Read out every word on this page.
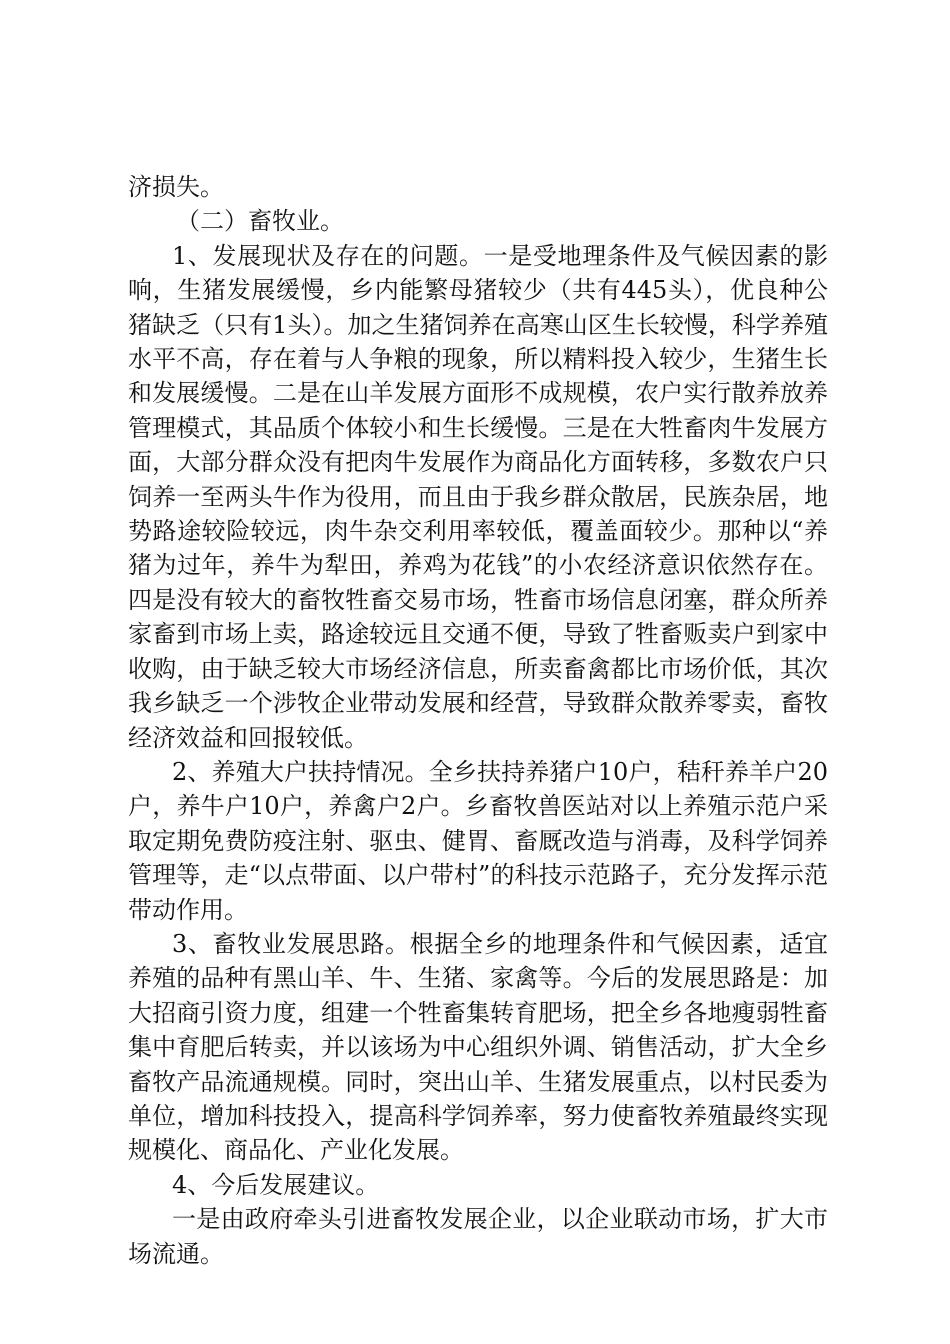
济损失。

（二）畜牧业。

1、发展现状及存在的问题。一是受地理条件及气候因素的影响，生猪发展缓慢，乡内能繁母猪较少（共有445头），优良种公猪缺乏（只有1头）。加之生猪饲养在高寒山区生长较慢，科学养殖水平不高，存在着与人争粮的现象，所以精料投入较少，生猪生长和发展缓慢。二是在山羊发展方面形不成规模，农户实行散养放养管理模式，其品质个体较小和生长缓慢。三是在大牲畜肉牛发展方面，大部分群众没有把肉牛发展作为商品化方面转移，多数农户只饲养一至两头牛作为役用，而且由于我乡群众散居，民族杂居，地势路途较险较远，肉牛杂交利用率较低，覆盖面较少。那种以“养猪为过年，养牛为犁田，养鸡为花钱”的小农经济意识依然存在。四是没有较大的畜牧牲畜交易市场，牲畜市场信息闭塞，群众所养家畜到市场上卖，路途较远且交通不便，导致了牲畜贩卖户到家中收购，由于缺乏较大市场经济信息，所卖畜禽都比市场价低，其次我乡缺乏一个涉牧企业带动发展和经营，导致群众散养零卖，畜牧经济效益和回报较低。

2、养殖大户扶持情况。全乡扶持养猪户10户，秸秆养羊户20户，养牛户10户，养禽户2户。乡畜牧兽医站对以上养殖示范户采取定期免费防疫注射、驱虫、健胃、畜厩改造与消毒，及科学饲养管理等，走“以点带面、以户带村”的科技示范路子，充分发挥示范带动作用。

3、畜牧业发展思路。根据全乡的地理条件和气候因素，适宜养殖的品种有黑山羊、牛、生猪、家禽等。今后的发展思路是：加大招商引资力度，组建一个牲畜集转育肥场，把全乡各地瘦弱牲畜集中育肥后转卖，并以该场为中心组织外调、销售活动，扩大全乡畜牧产品流通规模。同时，突出山羊、生猪发展重点，以村民委为单位，增加科技投入，提高科学饲养率，努力使畜牧养殖最终实现规模化、商品化、产业化发展。

4、今后发展建议。

一是由政府牵头引进畜牧发展企业，以企业联动市场，扩大市场流通。
